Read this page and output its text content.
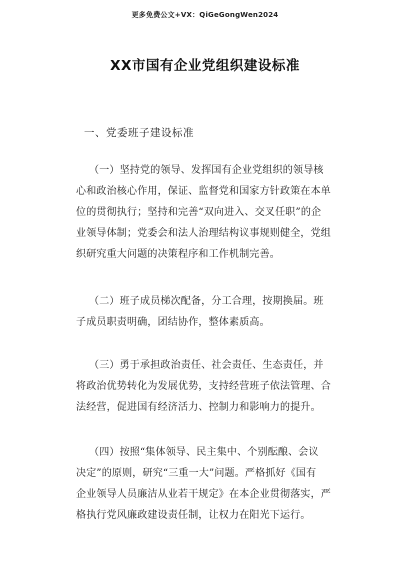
更多免费公文+VX：QiGeGongWen2024
XX市国有企业党组织建设标准
一、党委班子建设标准
（一）坚持党的领导、发挥国有企业党组织的领导核
心和政治核心作用，保证、监督党和国家方针政策在本单
位的贯彻执行；坚持和完善“双向进入、交叉任职”的企
业领导体制；党委会和法人治理结构议事规则健全，党组
织研究重大问题的决策程序和工作机制完善。
（二）班子成员梯次配备，分工合理，按期换届。班
子成员职责明确，团结协作，整体素质高。
（三）勇于承担政治责任、社会责任、生态责任，并
将政治优势转化为发展优势，支持经营班子依法管理、合
法经营，促进国有经济活力、控制力和影响力的提升。
（四）按照“集体领导、民主集中、个别酝酿、会议
决定”的原则，研究“三重一大”问题。严格抓好《国有
企业领导人员廉洁从业若干规定》在本企业贯彻落实，严
格执行党风廉政建设责任制，让权力在阳光下运行。
